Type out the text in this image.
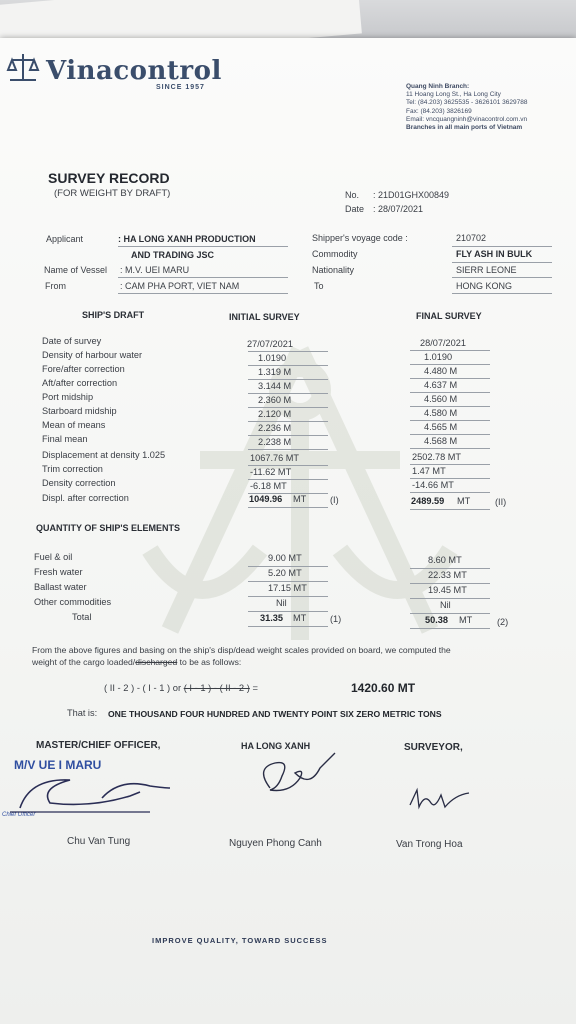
Vinacontrol
SINCE 1957	Quang Ninh Branch:
11 Hoang Long St., Ha Long City
Tel: (84.203) 3625535 - 3626101 3629788
Fax: (84.203) 3826169
Email: vncquangninh@vinacontrol.com.vn
Branches in all main ports of Vietnam
SURVEY RECORD
(FOR WEIGHT BY DRAFT)	No. : 21D01GHX00849
Date : 28/07/2021
Applicant	: HA LONG XANH PRODUCTION
AND TRADING JSC
Name of Vessel : M.V. UEI MARU
From	: CAM PHA PORT, VIET NAM
Shipper's voyage code :	210702
Commodity	FLY ASH IN BULK
Nationality	SIERR LEONE
To	HONG KONG
SHIP'S DRAFT	INITIAL SURVEY	FINAL SURVEY
Date of survey	27/07/2021	28/07/2021
Density of harbour water	1.0190	1.0190
Fore/after correction	1.319 M	4.480 M
Aft/after correction	3.144 M	4.637 M
Port midship	2.360 M	4.560 M
Starboard midship	2.120 M	4.580 M
Mean of means	2.236 M	4.565 M
Final mean	2.238 M	4.568 M
Displacement at density 1.025	1067.76 MT	2502.78 MT
Trim correction	-11.62 MT	1.47 MT
Density correction	-6.18 MT	-14.66 MT
Displ. after correction	1049.96 MT	(I)	2489.59 MT	(II)
QUANTITY OF SHIP'S ELEMENTS
Fuel & oil	9.00 MT	8.60 MT
Fresh water	5.20 MT	22.33 MT
Ballast water	17.15 MT	19.45 MT
Other commodities	Nil	Nil
Total	31.35 MT	(1)	50.38 MT	(2)
From the above figures and basing on the ship's disp/dead weight scales provided on board, we computed the
weight of the cargo loaded/discharged to be as follows:
( II - 2 ) - ( I - 1 ) or ( I - 1 ) - ( II - 2 ) =	1420.60 MT
That is: ONE THOUSAND FOUR HUNDRED AND TWENTY POINT SIX ZERO METRIC TONS
MASTER/CHIEF OFFICER,	HA LONG XANH	SURVEYOR,
M/V UE I MARU
Chief Officer
Chu Van Tung	Nguyen Phong Canh	Van Trong Hoa
IMPROVE QUALITY, TOWARD SUCCESS
